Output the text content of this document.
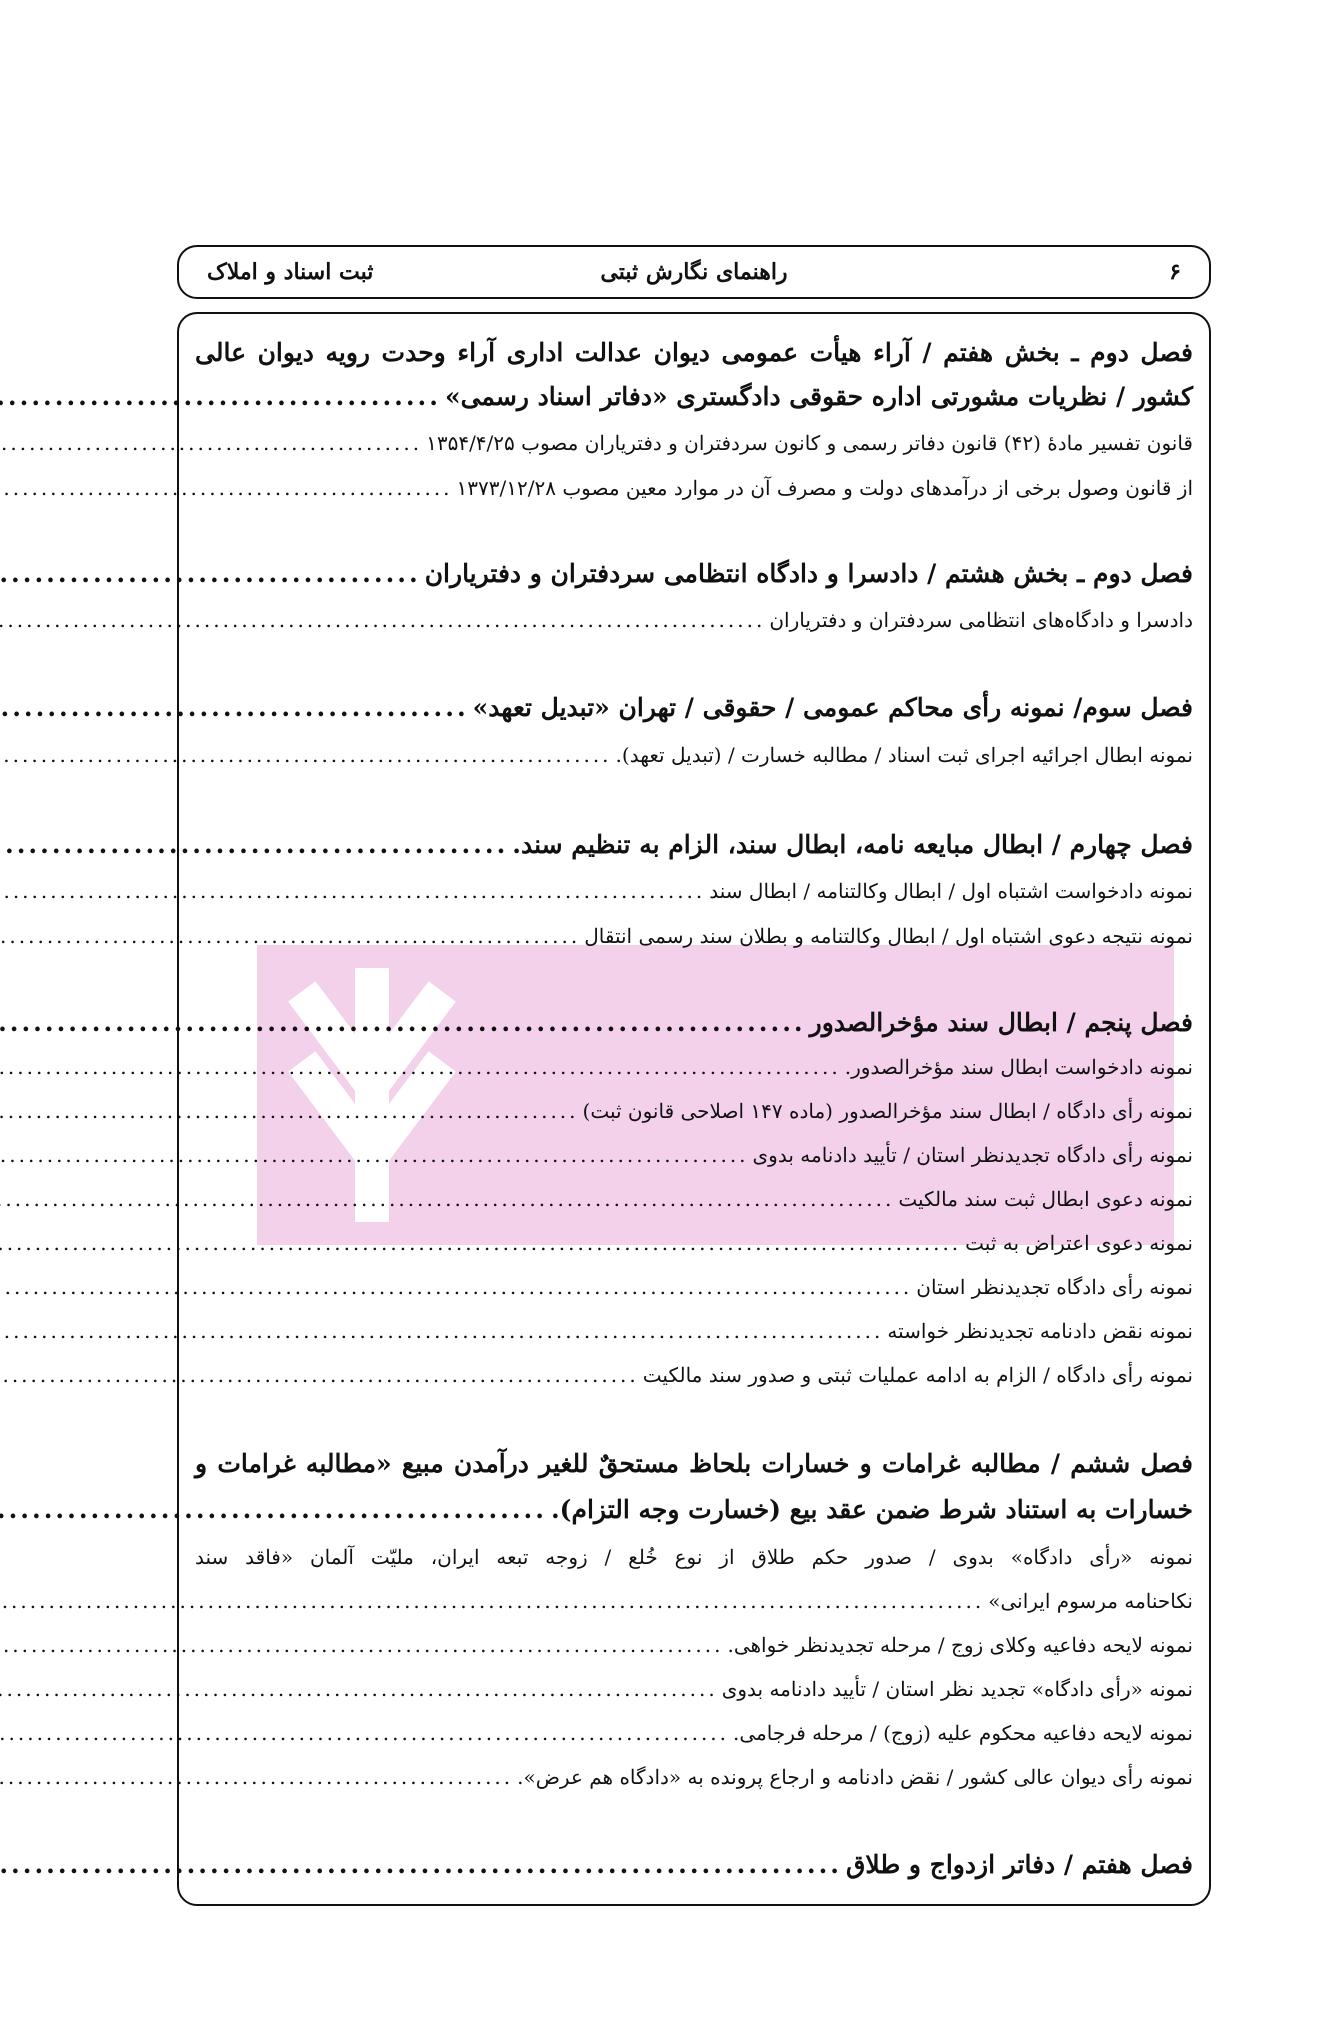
۶
راهنمای نگارش ثبتی
ثبت اسناد و املاک
فصل دوم ـ بخش هفتم / آراء هیأت عمومی دیوان عدالت اداری آراء وحدت رویه دیوان عالی
کشور / نظریات مشورتی اداره حقوقی دادگستری «دفاتر اسناد رسمی»
.....
قانون تفسیر مادهٔ (۴۲) قانون دفاتر رسمی و کانون سردفتران و دفتریاران مصوب ۱۳۵۴/۴/۲۵
.....
از قانون وصول برخی از درآمدهای دولت و مصرف آن در موارد معین مصوب ۱۳۷۳/۱۲/۲۸
.....
فصل دوم ـ بخش هشتم / دادسرا و دادگاه انتظامی سردفتران و دفتریاران
.....
دادسرا و دادگاه‌های انتظامی سردفتران و دفتریاران
.....
فصل سوم/ نمونه رأی محاکم عمومی / حقوقی / تهران «تبدیل تعهد»
.....
نمونه ابطال اجرائیه اجرای ثبت اسناد / مطالبه خسارت / (تبدیل تعهد).
.....
فصل چهارم / ابطال مبایعه نامه، ابطال سند، الزام به تنظیم سند.
.....
نمونه دادخواست اشتباه اول / ابطال وکالتنامه / ابطال سند
.....
نمونه نتیجه دعوی اشتباه اول / ابطال وکالتنامه و بطلان سند رسمی انتقال
.....
فصل پنجم / ابطال سند مؤخرالصدور
.....
نمونه دادخواست ابطال سند مؤخرالصدور.
.....
نمونه رأی دادگاه / ابطال سند مؤخرالصدور (ماده ۱۴۷ اصلاحی قانون ثبت)
.....
نمونه رأی دادگاه تجدیدنظر استان / تأیید دادنامه بدوی
.....
نمونه دعوی ابطال ثبت سند مالکیت
.....
نمونه دعوی اعتراض به ثبت
.....
نمونه رأی دادگاه تجدیدنظر استان
.....
نمونه نقض دادنامه تجدیدنظر خواسته
.....
نمونه رأی دادگاه / الزام به ادامه عملیات ثبتی و صدور سند مالکیت
.....
فصل ششم / مطالبه غرامات و خسارات بلحاظ مستحقٌ للغیر درآمدن مبیع «مطالبه غرامات و
خسارات به استناد شرط ضمن عقد بیع (خسارت وجه التزام).
.....
نمونه «رأی دادگاه» بدوی / صدور حکم طلاق از نوع خُلع / زوجه تبعه ایران، ملیّت آلمان «فاقد سند
نکاحنامه مرسوم ایرانی»
.....
نمونه لایحه دفاعیه وکلای زوج / مرحله تجدیدنظر خواهی.
.....
نمونه «رأی دادگاه» تجدید نظر استان / تأیید دادنامه بدوی
.....
نمونه لایحه دفاعیه محکوم علیه (زوج) / مرحله فرجامی.
.....
نمونه رأی دیوان عالی کشور / نقض دادنامه و ارجاع پرونده به «دادگاه هم عرض».
.....
فصل هفتم / دفاتر ازدواج و طلاق
.....
